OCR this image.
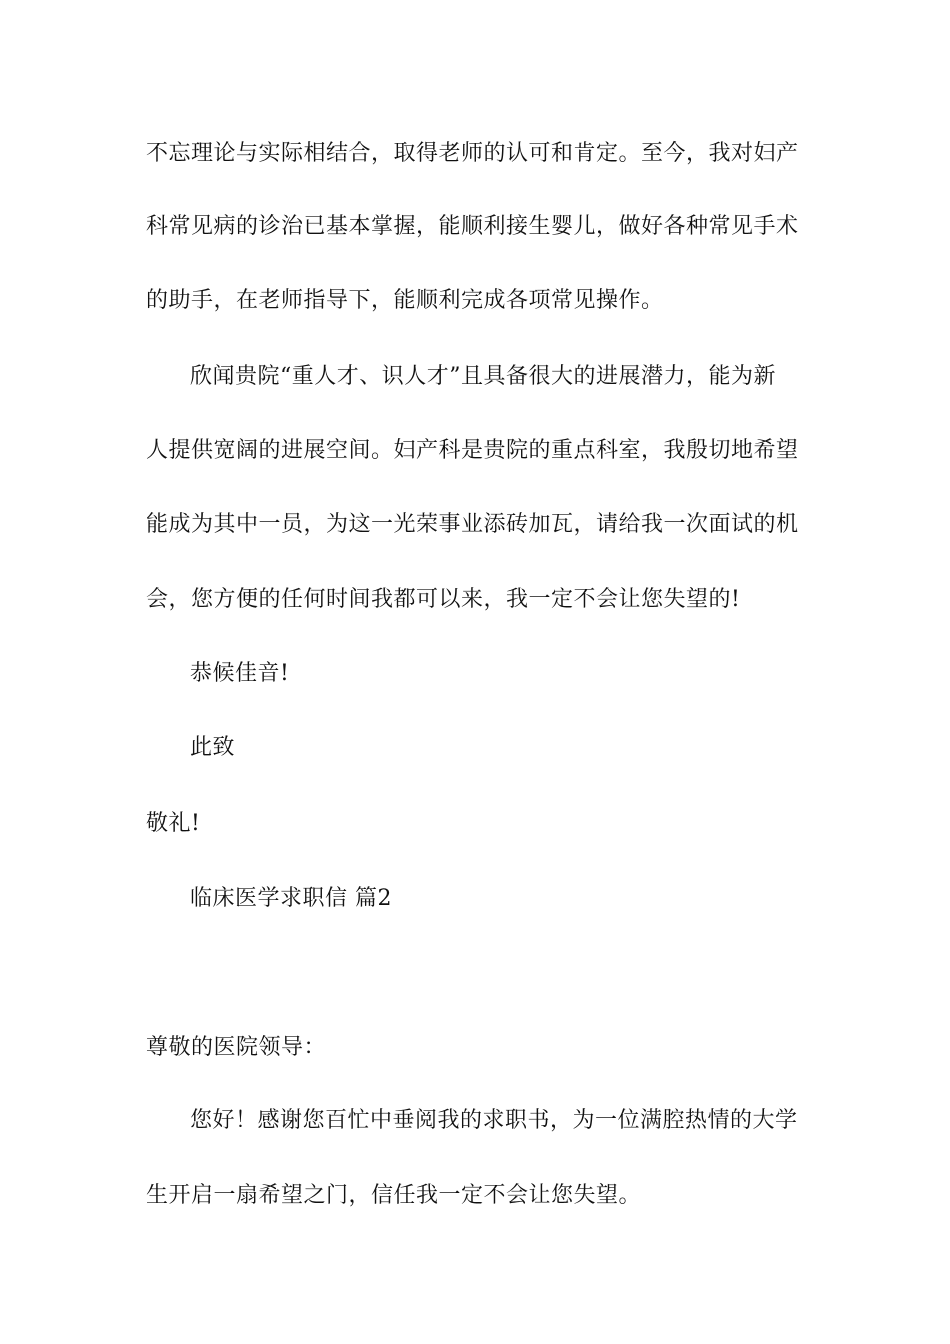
不忘理论与实际相结合，取得老师的认可和肯定。至今，我对妇产
科常见病的诊治已基本掌握，能顺利接生婴儿，做好各种常见手术
的助手，在老师指导下，能顺利完成各项常见操作。
欣闻贵院“重人才、识人才”且具备很大的进展潜力，能为新
人提供宽阔的进展空间。妇产科是贵院的重点科室，我殷切地希望
能成为其中一员，为这一光荣事业添砖加瓦，请给我一次面试的机
会，您方便的任何时间我都可以来，我一定不会让您失望的!
恭候佳音!
此致
敬礼!
临床医学求职信 篇2
尊敬的医院领导：
您好！感谢您百忙中垂阅我的求职书，为一位满腔热情的大学
生开启一扇希望之门，信任我一定不会让您失望。
